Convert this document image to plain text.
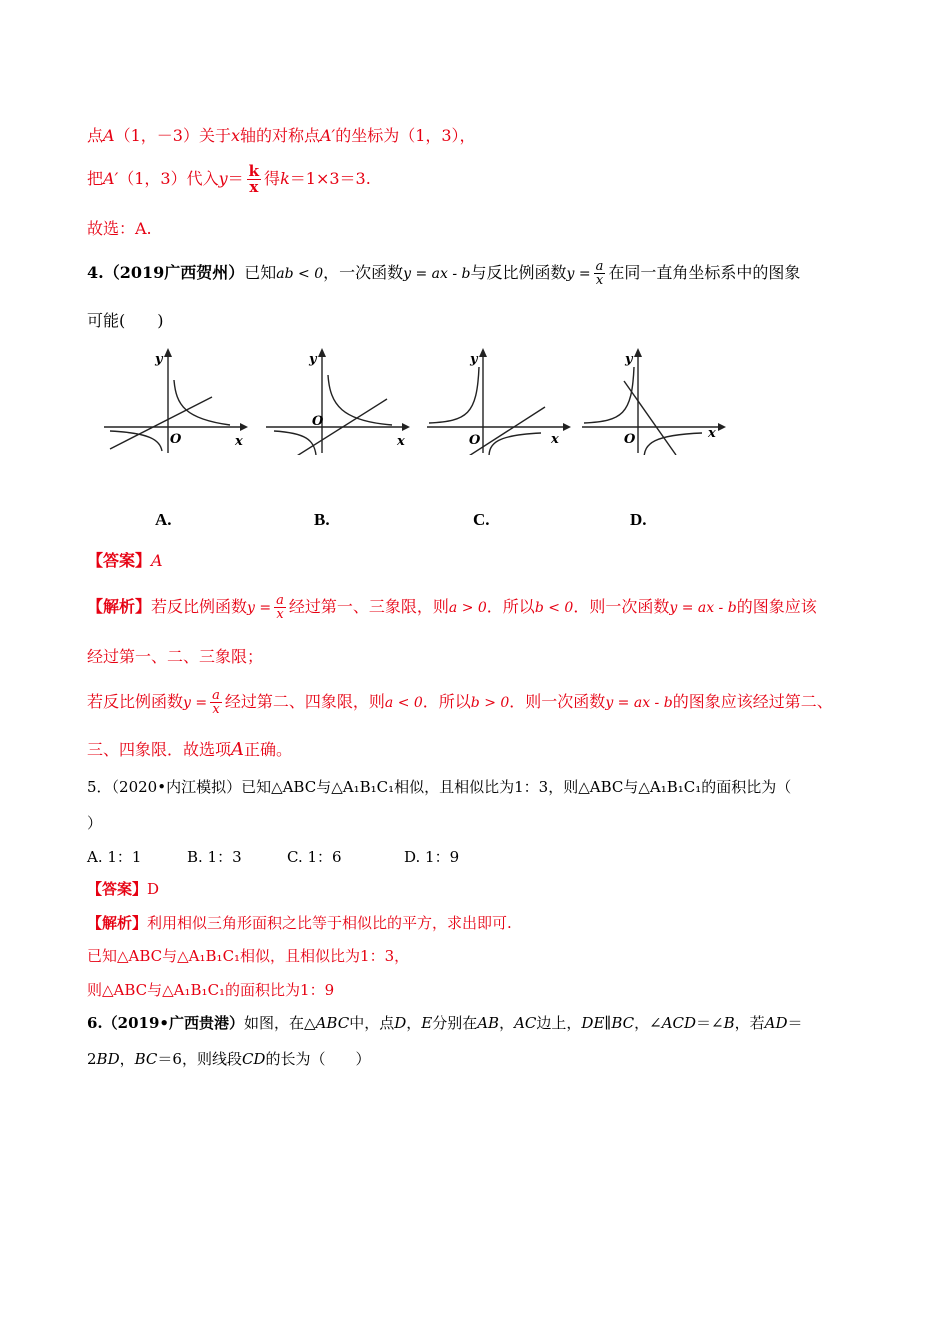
点A（1，－3）关于x轴的对称点A′的坐标为（1，3），
把A′（1，3）代入$y= \frac{k}{x}$ 得k＝1×3＝3.
故选：A.
4.（2019广西贺州）已知ab < 0，一次函数y = ax - b与反比例函数$y = \frac{a}{x}$ 在同一直角坐标系中的图象
可能(　　)
y
x
O
A.
y
x
O
B.
y
x
O
C.
y
x
O
D.
【答案】A
【解析】若反比例函数$y = \frac{a}{x}$ 经过第一、三象限，则a > 0．所以b < 0．则一次函数y = ax - b的图象应该
经过第一、二、三象限；
若反比例函数$y = \frac{a}{x}$ 经过第二、四象限，则a < 0．所以b > 0．则一次函数y = ax - b的图象应该经过第二、
三、四象限．故选项A正确。
5．（2020•内江模拟）已知△ABC与△A₁B₁C₁相似，且相似比为1：3，则△ABC与△A₁B₁C₁的面积比为（
）
A. 1：1	B. 1：3	C. 1：6	D. 1：9
【答案】D
【解析】利用相似三角形面积之比等于相似比的平方，求出即可.
已知△ABC与△A₁B₁C₁相似，且相似比为1：3，
则△ABC与△A₁B₁C₁的面积比为1：9
6.（2019•广西贵港）如图，在△ABC中，点D，E分别在AB，AC边上，DE∥BC，∠ACD＝∠B，若AD＝
2BD，BC＝6，则线段CD的长为（　　）
